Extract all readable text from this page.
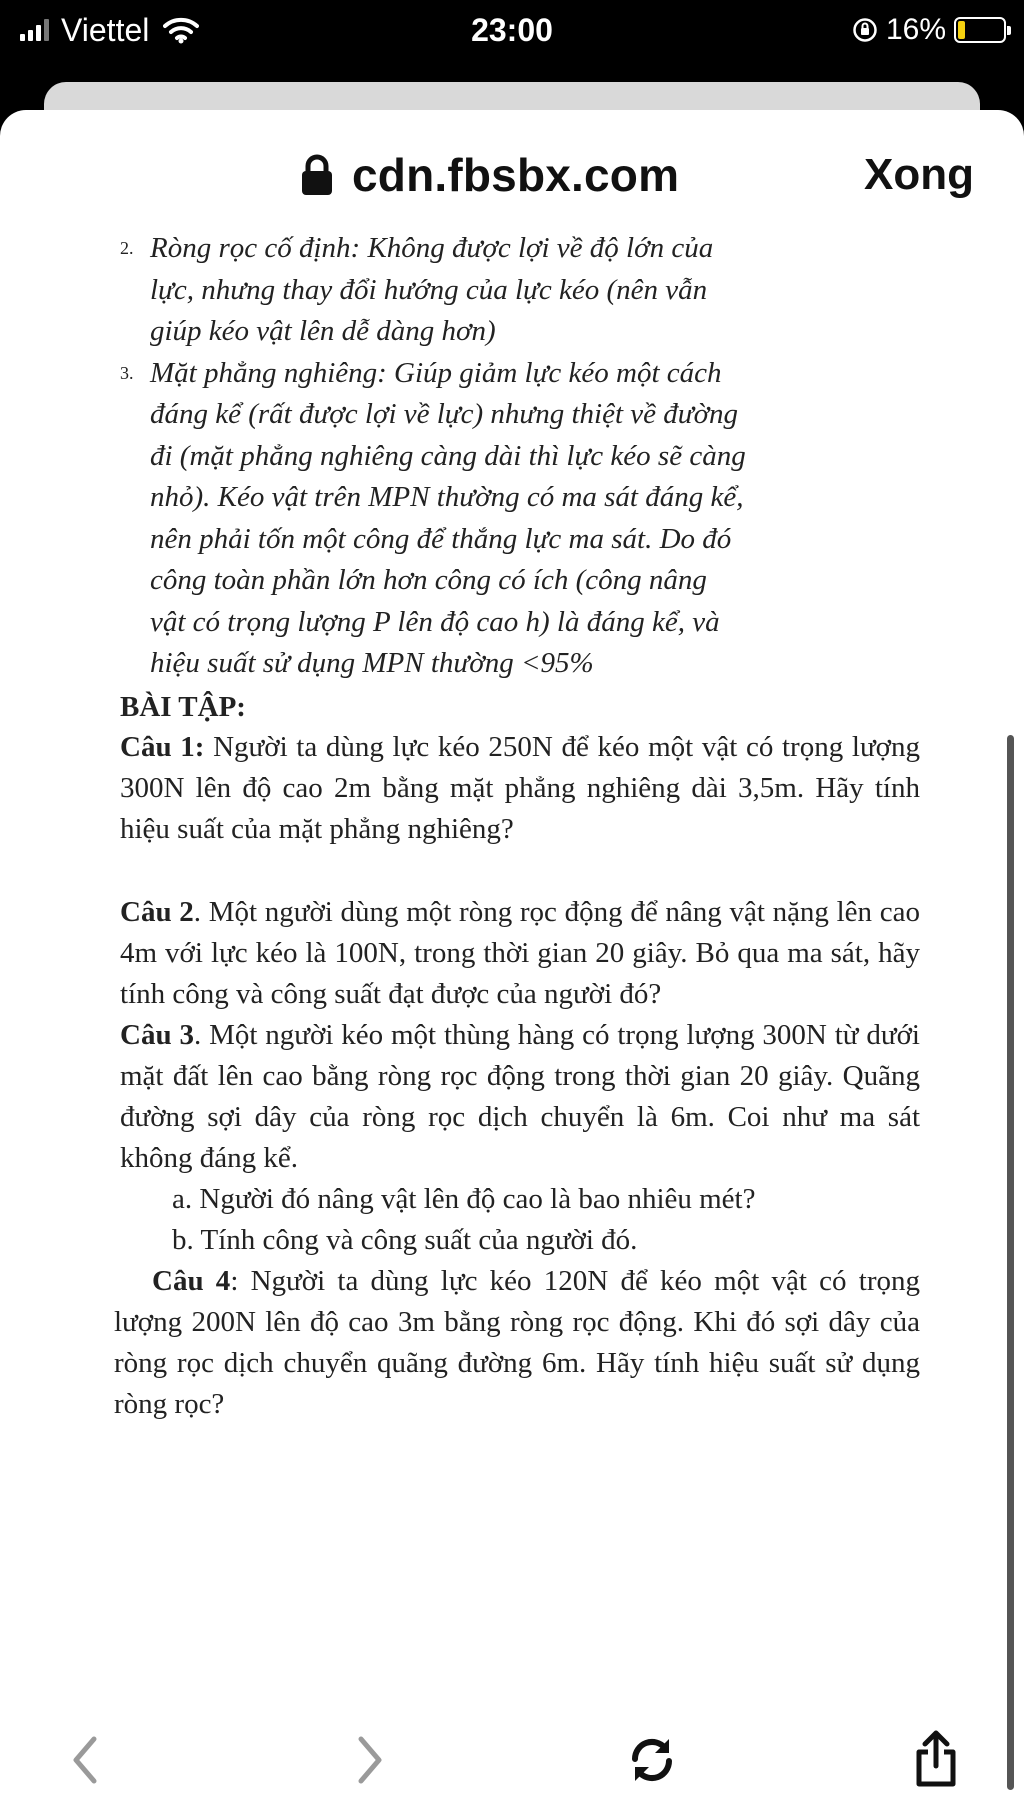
Viettel	23:00	16%
cdn.fbsbx.com	Xong
2. Ròng rọc cố định: Không được lợi về độ lớn của
lực, nhưng thay đổi hướng của lực kéo (nên vẫn
giúp kéo vật lên dễ dàng hơn)
3. Mặt phẳng nghiêng: Giúp giảm lực kéo một cách
đáng kể (rất được lợi về lực) nhưng thiệt về đường
đi (mặt phẳng nghiêng càng dài thì lực kéo sẽ càng
nhỏ). Kéo vật trên MPN thường có ma sát đáng kể,
nên phải tốn một công để thắng lực ma sát. Do đó
công toàn phần lớn hơn công có ích (công nâng
vật có trọng lượng P lên độ cao h) là đáng kể, và
hiệu suất sử dụng MPN thường <95%
BÀI TẬP:
Câu 1: Người ta dùng lực kéo 250N để kéo một vật có trọng lượng 300N lên độ cao 2m bằng mặt phẳng nghiêng dài 3,5m. Hãy tính hiệu suất của mặt phẳng nghiêng?
Câu 2. Một người dùng một ròng rọc động để nâng vật nặng lên cao 4m với lực kéo là 100N, trong thời gian 20 giây. Bỏ qua ma sát, hãy tính công và công suất đạt được của người đó?
Câu 3. Một người kéo một thùng hàng có trọng lượng 300N từ dưới mặt đất lên cao bằng ròng rọc động trong thời gian 20 giây. Quãng đường sợi dây của ròng rọc dịch chuyển là 6m. Coi như ma sát không đáng kể.
a. Người đó nâng vật lên độ cao là bao nhiêu mét?
b. Tính công và công suất của người đó.
Câu 4: Người ta dùng lực kéo 120N để kéo một vật có trọng lượng 200N lên độ cao 3m bằng ròng rọc động. Khi đó sợi dây của ròng rọc dịch chuyển quãng đường 6m. Hãy tính hiệu suất sử dụng ròng rọc?
